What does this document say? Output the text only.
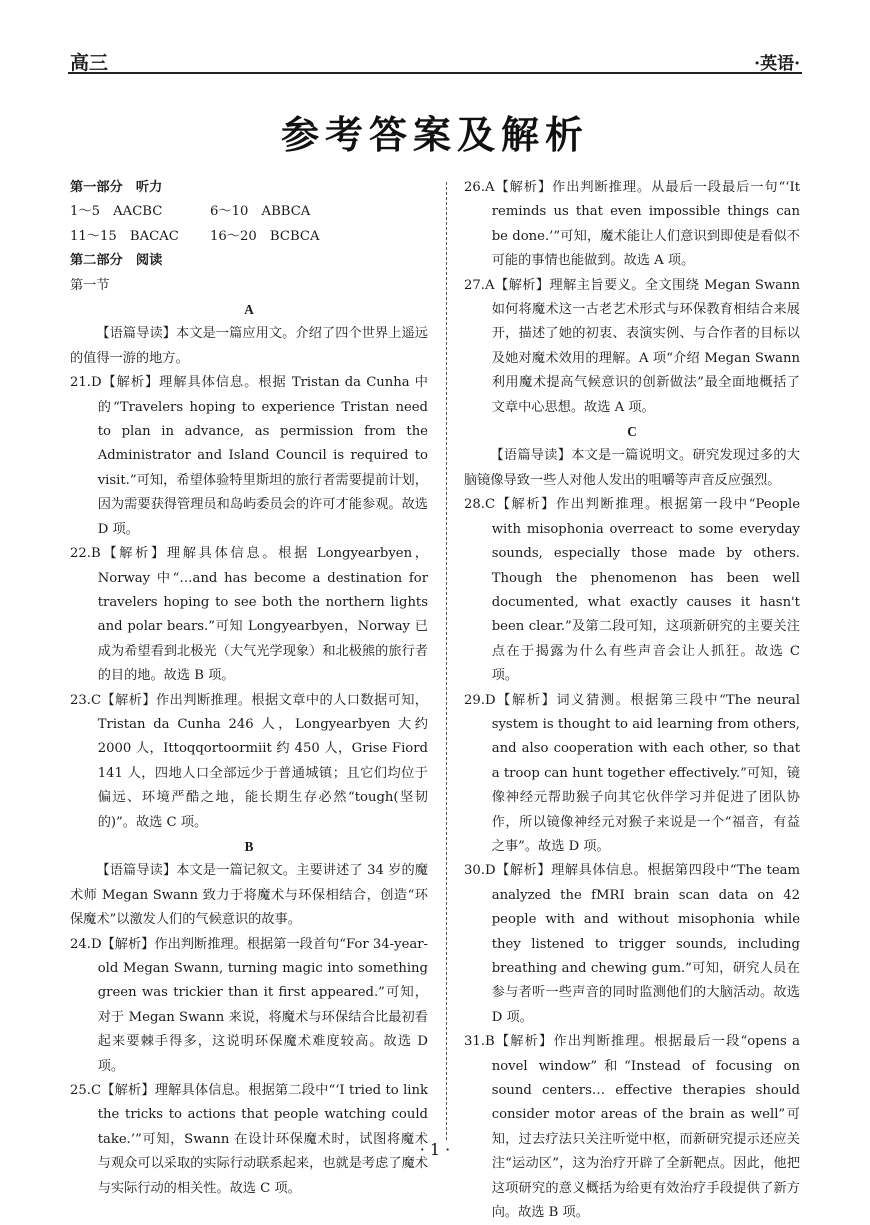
高三	·英语·
参考答案及解析

第一部分　听力

1～5　AACBC	6～10　ABBCA

11～15　BACAC 16～20　BCBCA

第二部分　阅读

第一节

A

【语篇导读】本文是一篇应用文。介绍了四个世界上遥远的值得一游的地方。

21.D【解析】理解具体信息。根据 Tristan da Cunha 中的“Travelers hoping to experience Tristan need to plan in advance, as permission from the Administrator and Island Council is required to visit.”可知，希望体验特里斯坦的旅行者需要提前计划，因为需要获得管理员和岛屿委员会的许可才能参观。故选 D 项。

22.B【解析】理解具体信息。根据 Longyearbyen，Norway 中“…and has become a destination for travelers hoping to see both the northern lights and polar bears.”可知 Longyearbyen，Norway 已成为希望看到北极光（大气光学现象）和北极熊的旅行者的目的地。故选 B 项。

23.C【解析】作出判断推理。根据文章中的人口数据可知，Tristan da Cunha 246 人，Longyearbyen 大约 2000 人，Ittoqqortoormiit 约 450 人，Grise Fiord 141 人，四地人口全部远少于普通城镇；且它们均位于偏远、环境严酷之地，能长期生存必然“tough(坚韧的)”。故选 C 项。

B

【语篇导读】本文是一篇记叙文。主要讲述了 34 岁的魔术师 Megan Swann 致力于将魔术与环保相结合，创造“环保魔术”以激发人们的气候意识的故事。

24.D【解析】作出判断推理。根据第一段首句“For 34-year-old Megan Swann, turning magic into something green was trickier than it first appeared.”可知，对于 Megan Swann 来说，将魔术与环保结合比最初看起来要棘手得多，这说明环保魔术难度较高。故选 D 项。

25.C【解析】理解具体信息。根据第二段中“‘I tried to link the tricks to actions that people watching could take.’”可知，Swann 在设计环保魔术时，试图将魔术与观众可以采取的实际行动联系起来，也就是考虑了魔术与实际行动的相关性。故选 C 项。

26.A【解析】作出判断推理。从最后一段最后一句“‘It reminds us that even impossible things can be done.’”可知，魔术能让人们意识到即使是看似不可能的事情也能做到。故选 A 项。

27.A【解析】理解主旨要义。全文围绕 Megan Swann 如何将魔术这一古老艺术形式与环保教育相结合来展开，描述了她的初衷、表演实例、与合作者的目标以及她对魔术效用的理解。A 项“介绍 Megan Swann 利用魔术提高气候意识的创新做法”最全面地概括了文章中心思想。故选 A 项。

C

【语篇导读】本文是一篇说明文。研究发现过多的大脑镜像导致一些人对他人发出的咀嚼等声音反应强烈。

28.C【解析】作出判断推理。根据第一段中“People with misophonia overreact to some everyday sounds, especially those made by others. Though the phenomenon has been well documented, what exactly causes it hasn't been clear.”及第二段可知，这项新研究的主要关注点在于揭露为什么有些声音会让人抓狂。故选 C 项。

29.D【解析】词义猜测。根据第三段中“The neural system is thought to aid learning from others, and also cooperation with each other, so that a troop can hunt together effectively.”可知，镜像神经元帮助猴子向其它伙伴学习并促进了团队协作，所以镜像神经元对猴子来说是一个“福音，有益之事”。故选 D 项。

30.D【解析】理解具体信息。根据第四段中“The team analyzed the fMRI brain scan data on 42 people with and without misophonia while they listened to trigger sounds, including breathing and chewing gum.”可知，研究人员在参与者听一些声音的同时监测他们的大脑活动。故选 D 项。

31.B【解析】作出判断推理。根据最后一段“opens a novel window”和“Instead of focusing on sound centers… effective therapies should consider motor areas of the brain as well”可知，过去疗法只关注听觉中枢，而新研究提示还应关注“运动区”，这为治疗开辟了全新靶点。因此，他把这项研究的意义概括为给更有效治疗手段提供了新方向。故选 B 项。

· 1 ·
